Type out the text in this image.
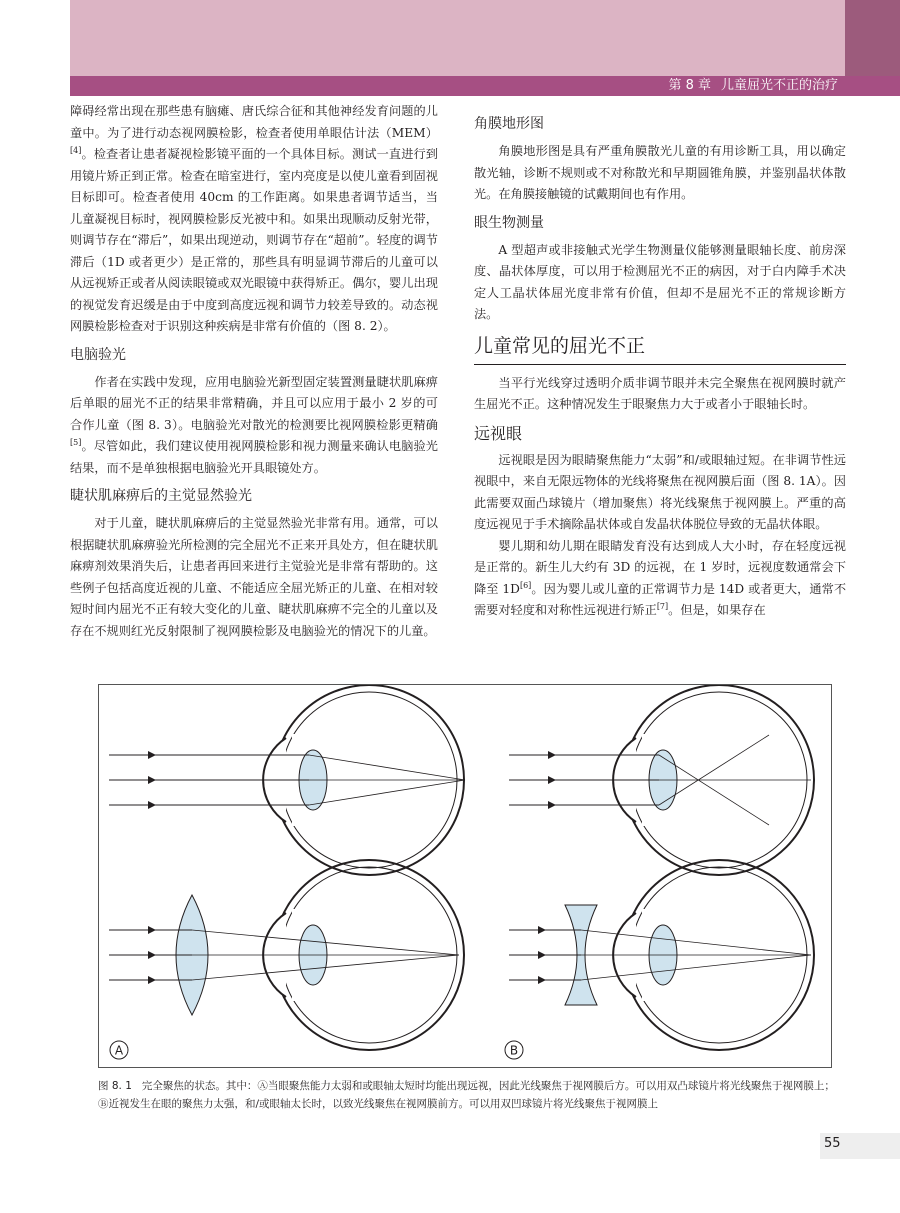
第 8 章 儿童屈光不正的治疗

障碍经常出现在那些患有脑瘫、唐氏综合征和其他神经发育问题的儿童中。为了进行动态视网膜检影，检查者使用单眼估计法（MEM）[4]。检查者让患者凝视检影镜平面的一个具体目标。测试一直进行到用镜片矫正到正常。检查在暗室进行，室内亮度是以使儿童看到固视目标即可。检查者使用 40cm 的工作距离。如果患者调节适当，当儿童凝视目标时，视网膜检影反光被中和。如果出现顺动反射光带，则调节存在“滞后”，如果出现逆动，则调节存在“超前”。轻度的调节滞后（1D 或者更少）是正常的，那些具有明显调节滞后的儿童可以从远视矫正或者从阅读眼镜或双光眼镜中获得矫正。偶尔，婴儿出现的视觉发育迟缓是由于中度到高度远视和调节力较差导致的。动态视网膜检影检查对于识别这种疾病是非常有价值的（图 8. 2）。

电脑验光

作者在实践中发现，应用电脑验光新型固定装置测量睫状肌麻痹后单眼的屈光不正的结果非常精确，并且可以应用于最小 2 岁的可合作儿童（图 8. 3）。电脑验光对散光的检测要比视网膜检影更精确[5]。尽管如此，我们建议使用视网膜检影和视力测量来确认电脑验光结果，而不是单独根据电脑验光开具眼镜处方。

睫状肌麻痹后的主觉显然验光

对于儿童，睫状肌麻痹后的主觉显然验光非常有用。通常，可以根据睫状肌麻痹验光所检测的完全屈光不正来开具处方，但在睫状肌麻痹剂效果消失后，让患者再回来进行主觉验光是非常有帮助的。这些例子包括高度近视的儿童、不能适应全屈光矫正的儿童、在相对较短时间内屈光不正有较大变化的儿童、睫状肌麻痹不完全的儿童以及存在不规则红光反射限制了视网膜检影及电脑验光的情况下的儿童。

角膜地形图

角膜地形图是具有严重角膜散光儿童的有用诊断工具，用以确定散光轴，诊断不规则或不对称散光和早期圆锥角膜，并鉴别晶状体散光。在角膜接触镜的试戴期间也有作用。

眼生物测量

A 型超声或非接触式光学生物测量仪能够测量眼轴长度、前房深度、晶状体厚度，可以用于检测屈光不正的病因，对于白内障手术决定人工晶状体屈光度非常有价值，但却不是屈光不正的常规诊断方法。

儿童常见的屈光不正

当平行光线穿过透明介质非调节眼并未完全聚焦在视网膜时就产生屈光不正。这种情况发生于眼聚焦力大于或者小于眼轴长时。

远视眼

远视眼是因为眼睛聚焦能力“太弱”和/或眼轴过短。在非调节性远视眼中，来自无限远物体的光线将聚焦在视网膜后面（图 8. 1A）。因此需要双面凸球镜片（增加聚焦）将光线聚焦于视网膜上。严重的高度远视见于手术摘除晶状体或自发晶状体脱位导致的无晶状体眼。

婴儿期和幼儿期在眼睛发育没有达到成人大小时，存在轻度远视是正常的。新生儿大约有 3D 的远视，在 1 岁时，远视度数通常会下降至 1D[6]。因为婴儿或儿童的正常调节力是 14D 或者更大，通常不需要对轻度和对称性远视进行矫正[7]。但是，如果存在

A	B
图 8. 1 完全聚焦的状态。其中：Ⓐ当眼聚焦能力太弱和或眼轴太短时均能出现远视，因此光线聚焦于视网膜后方。可以用双凸球镜片将光线聚焦于视网膜上；Ⓑ近视发生在眼的聚焦力太强，和/或眼轴太长时，以致光线聚焦在视网膜前方。可以用双凹球镜片将光线聚焦于视网膜上
55
